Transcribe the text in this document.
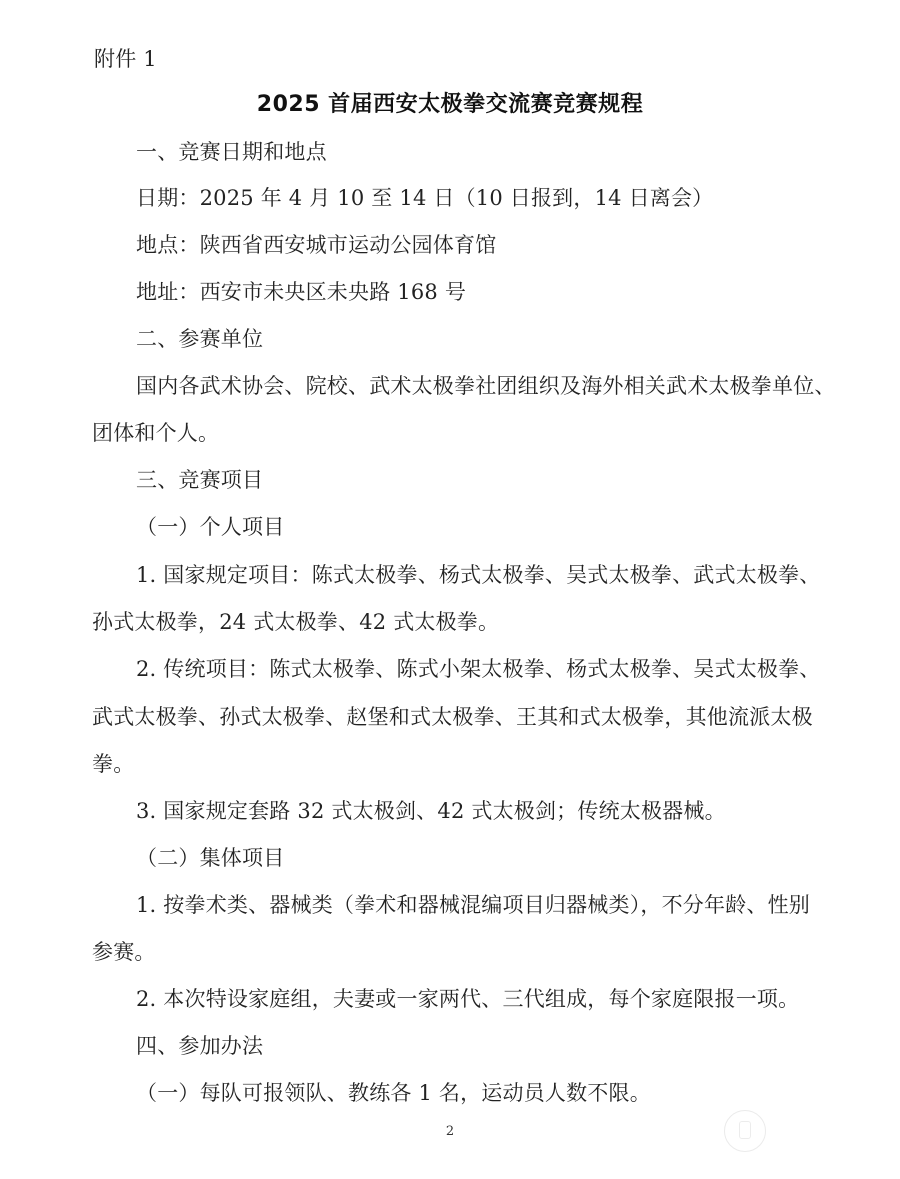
附件 1
2025 首届西安太极拳交流赛竞赛规程
一、竞赛日期和地点
日期：2025 年 4 月 10 至 14 日（10 日报到，14 日离会）
地点：陕西省西安城市运动公园体育馆
地址：西安市未央区未央路 168 号
二、参赛单位
国内各武术协会、院校、武术太极拳社团组织及海外相关武术太极拳单位、
团体和个人。
三、竞赛项目
（一）个人项目
1. 国家规定项目：陈式太极拳、杨式太极拳、吴式太极拳、武式太极拳、
孙式太极拳，24 式太极拳、42 式太极拳。
2. 传统项目：陈式太极拳、陈式小架太极拳、杨式太极拳、吴式太极拳、
武式太极拳、孙式太极拳、赵堡和式太极拳、王其和式太极拳，其他流派太极
拳。
3. 国家规定套路 32 式太极剑、42 式太极剑；传统太极器械。
（二）集体项目
1. 按拳术类、器械类（拳术和器械混编项目归器械类），不分年龄、性别
参赛。
2. 本次特设家庭组，夫妻或一家两代、三代组成，每个家庭限报一项。
四、参加办法
（一）每队可报领队、教练各 1 名，运动员人数不限。
2
